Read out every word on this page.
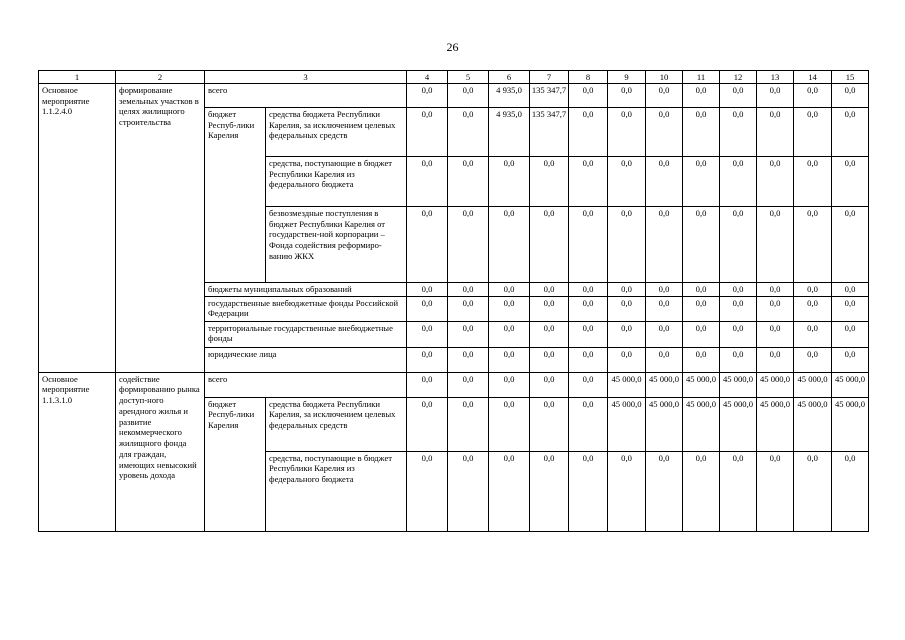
26
1	2	3		4	5	6	7	8	9	10	11	12	13	14	15
Основное мероприятие 1.1.2.4.0	формирование земельных участков в целях жилищного строительства	всего		0,0	0,0	4 935,0	135 347,7	0,0	0,0	0,0	0,0	0,0	0,0	0,0	0,0
		бюджет Респуб-лики Карелия	средства бюджета Республики Карелия, за исключением целевых федеральных средств	0,0	0,0	4 935,0	135 347,7	0,0	0,0	0,0	0,0	0,0	0,0	0,0	0,0
			средства, поступающие в бюджет Республики Карелия из федерального бюджета	0,0	0,0	0,0	0,0	0,0	0,0	0,0	0,0	0,0	0,0	0,0	0,0
			безвозмездные поступления в бюджет Республики Карелия от государствен-ной корпорации – Фонда содействия реформиро-ванию ЖКХ	0,0	0,0	0,0	0,0	0,0	0,0	0,0	0,0	0,0	0,0	0,0	0,0
		бюджеты муниципальных образований		0,0	0,0	0,0	0,0	0,0	0,0	0,0	0,0	0,0	0,0	0,0	0,0
		государственные внебюджетные фонды Российской Федерации		0,0	0,0	0,0	0,0	0,0	0,0	0,0	0,0	0,0	0,0	0,0	0,0
		территориальные государственные внебюджетные фонды		0,0	0,0	0,0	0,0	0,0	0,0	0,0	0,0	0,0	0,0	0,0	0,0
		юридические лица		0,0	0,0	0,0	0,0	0,0	0,0	0,0	0,0	0,0	0,0	0,0	0,0
Основное мероприятие 1.1.3.1.0	содействие формированию рынка доступ-ного арендного жилья и развитие некоммерческого жилищного фонда для граждан, имеющих невысокий уровень дохода	всего		0,0	0,0	0,0	0,0	0,0	45 000,0	45 000,0	45 000,0	45 000,0	45 000,0	45 000,0	45 000,0
		бюджет Респуб-лики Карелия	средства бюджета Республики Карелия, за исключением целевых федеральных средств	0,0	0,0	0,0	0,0	0,0	45 000,0	45 000,0	45 000,0	45 000,0	45 000,0	45 000,0	45 000,0
			средства, поступающие в бюджет Республики Карелия из федерального бюджета	0,0	0,0	0,0	0,0	0,0	0,0	0,0	0,0	0,0	0,0	0,0	0,0
